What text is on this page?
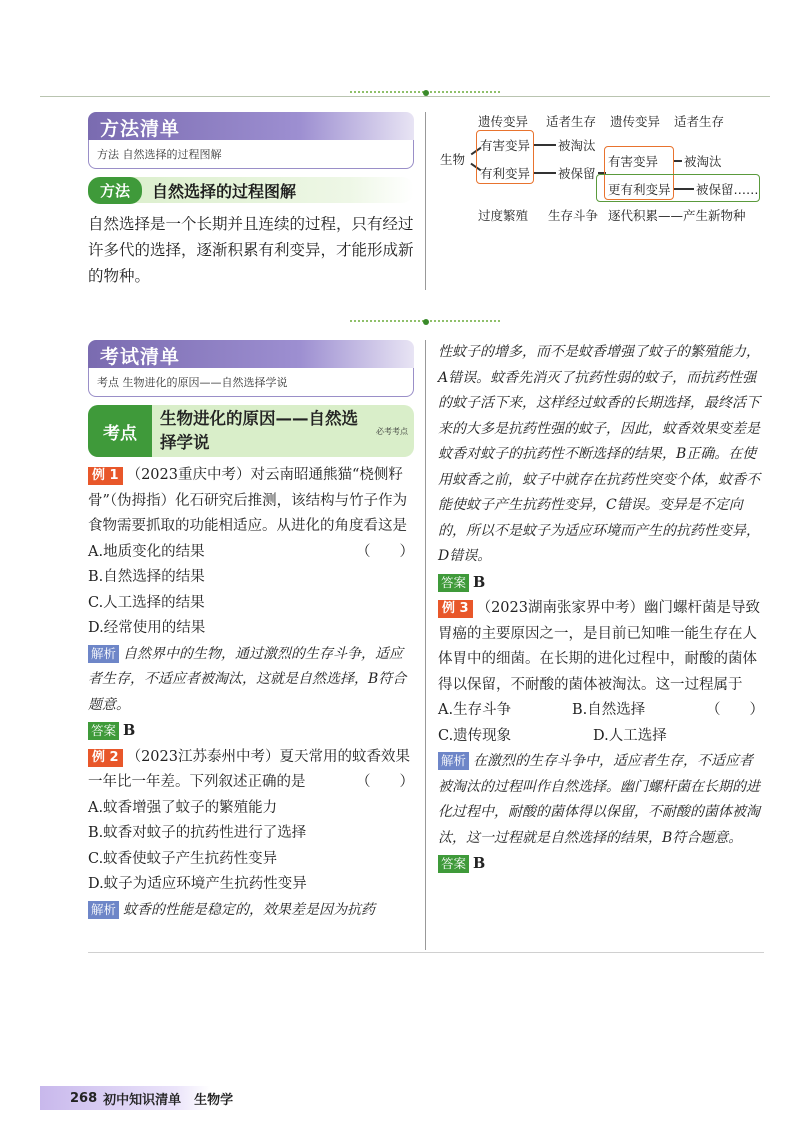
方法清单
方法 自然选择的过程图解
方法	自然选择的过程图解
自然选择是一个长期并且连续的过程，只有经过许多代的选择，逐渐积累有利变异，才能形成新的物种。
遗传变异 适者生存 遗传变异 适者生存
生物
有害变异
有利变异
被淘汰
被保留
有害变异
更有利变异
被淘汰
被保留……
过度繁殖 生存斗争 逐代积累——产生新物种
考试清单
考点 生物进化的原因——自然选择学说
考点
生物进化的原因——自然选择学说
必考考点
例 1 （2023重庆中考）对云南昭通熊猫“桡侧籽骨”（伪拇指）化石研究后推测，该结构与竹子作为食物需要抓取的功能相适应。从进化的角度看这是
（　　）
A.地质变化的结果
B.自然选择的结果
C.人工选择的结果
D.经常使用的结果
解析 自然界中的生物，通过激烈的生存斗争，适应者生存，不适应者被淘汰，这就是自然选择，B符合题意。
答案 B
例 2 （2023江苏泰州中考）夏天常用的蚊香效果一年比一年差。下列叙述正确的是	（　　）
A.蚊香增强了蚊子的繁殖能力
B.蚊香对蚊子的抗药性进行了选择
C.蚊香使蚊子产生抗药性变异
D.蚊子为适应环境产生抗药性变异
解析 蚊香的性能是稳定的，效果差是因为抗药
性蚊子的增多，而不是蚊香增强了蚊子的繁殖能力，A错误。蚊香先消灭了抗药性弱的蚊子，而抗药性强的蚊子活下来，这样经过蚊香的长期选择，最终活下来的大多是抗药性强的蚊子，因此，蚊香效果变差是蚊香对蚊子的抗药性不断选择的结果，B正确。在使用蚊香之前，蚊子中就存在抗药性突变个体，蚊香不能使蚊子产生抗药性变异，C错误。变异是不定向的，所以不是蚊子为适应环境而产生的抗药性变异，D错误。
答案 B
例 3 （2023湖南张家界中考）幽门螺杆菌是导致胃癌的主要原因之一，是目前已知唯一能生存在人体胃中的细菌。在长期的进化过程中，耐酸的菌体得以保留，不耐酸的菌体被淘汰。这一过程属于
（　　）
A.生存斗争	B.自然选择
C.遗传现象	D.人工选择
解析 在激烈的生存斗争中，适应者生存，不适应者被淘汰的过程叫作自然选择。幽门螺杆菌在长期的进化过程中，耐酸的菌体得以保留，不耐酸的菌体被淘汰，这一过程就是自然选择的结果，B符合题意。
答案 B
268 初中知识清单　生物学
